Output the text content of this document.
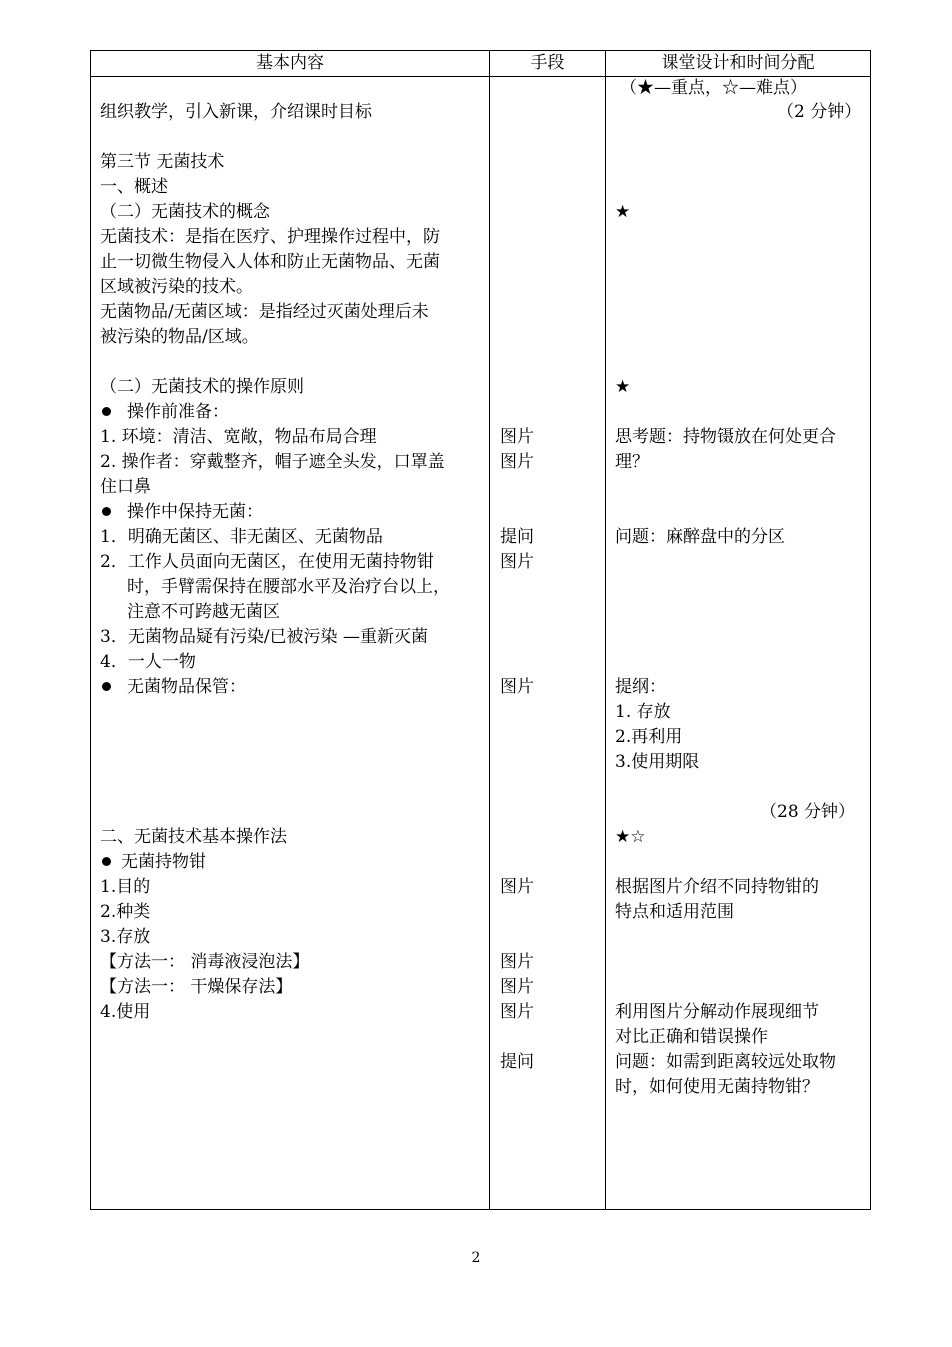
基本内容	手段	课堂设计和时间分配
组织教学，引入新课，介绍课时目标
第三节 无菌技术
一、概述
（二）无菌技术的概念
无菌技术：是指在医疗、护理操作过程中，防
止一切微生物侵入人体和防止无菌物品、无菌
区域被污染的技术。
无菌物品/无菌区域：是指经过灭菌处理后未
被污染的物品/区域。
（二）无菌技术的操作原则
操作前准备：
1. 环境：清洁、宽敞，物品布局合理
2. 操作者：穿戴整齐，帽子遮全头发，口罩盖
住口鼻
操作中保持无菌：
1．明确无菌区、非无菌区、无菌物品
2．工作人员面向无菌区，在使用无菌持物钳
时，手臂需保持在腰部水平及治疗台以上，
注意不可跨越无菌区
3．无菌物品疑有污染/已被污染 —重新灭菌
4．一人一物
无菌物品保管：
二、无菌技术基本操作法
无菌持物钳
1.目的
2.种类
3.存放
【方法一： 消毒液浸泡法】
【方法一： 干燥保存法】
4.使用
图片
图片
提问
图片
图片
图片
图片
图片
图片
提问
（★—重点，☆—难点）
（2 分钟）
★
★
思考题：持物镊放在何处更合
理？
问题：麻醉盘中的分区
提纲：
1. 存放
2.再利用
3.使用期限
（28 分钟）
★☆
根据图片介绍不同持物钳的
特点和适用范围
利用图片分解动作展现细节
对比正确和错误操作
问题：如需到距离较远处取物
时，如何使用无菌持物钳？
2
